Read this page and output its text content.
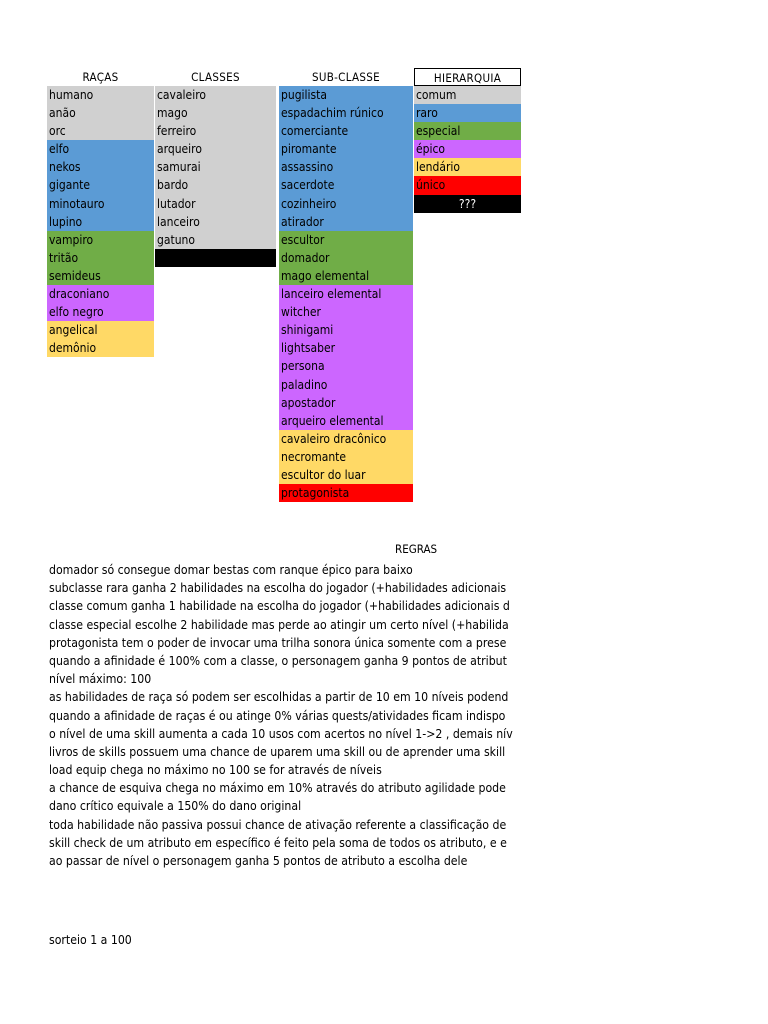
RAÇAS
humano
anão
orc
elfo
nekos
gigante
minotauro
lupino
vampiro
tritão
semideus
draconiano
elfo negro
angelical
demônio
CLASSES
cavaleiro
mago
ferreiro
arqueiro
samurai
bardo
lutador
lanceiro
gatuno
SUB-CLASSE
pugilista
espadachim rúnico
comerciante
piromante
assassino
sacerdote
cozinheiro
atirador
escultor
domador
mago elemental
lanceiro elemental
witcher
shinigami
lightsaber
persona
paladino
apostador
arqueiro elemental
cavaleiro dracônico
necromante
escultor do luar
protagonista
HIERARQUIA
comum
raro
especial
épico
lendário
único
???
REGRAS
domador só consegue domar bestas com ranque épico para baixo
subclasse rara ganha 2 habilidades na escolha do jogador (+habilidades adicionais
classe comum ganha 1 habilidade na escolha do jogador (+habilidades adicionais d
classe especial escolhe 2 habilidade mas perde ao atingir um certo nível (+habilida
protagonista tem o poder de invocar uma trilha sonora única somente com a prese
quando a afinidade é 100% com a classe, o personagem ganha 9 pontos de atribut
nível máximo: 100
as habilidades de raça só podem ser escolhidas a partir de 10 em 10 níveis podend
quando a afinidade de raças é ou atinge 0% várias quests/atividades ficam indispo
o nível de uma skill aumenta a cada 10 usos com acertos no nível 1->2 , demais nív
livros de skills possuem uma chance de uparem uma skill ou de aprender uma skill
load equip chega no máximo no 100 se for através de níveis
a chance de esquiva chega no máximo em 10% através do atributo agilidade pode
dano crítico equivale a 150% do dano original
toda habilidade não passiva possui chance de ativação referente a classificação de
skill check de um atributo em específico é feito pela soma de todos os atributo, e e
ao passar de nível o personagem ganha 5 pontos de atributo a escolha dele
sorteio 1 a 100
